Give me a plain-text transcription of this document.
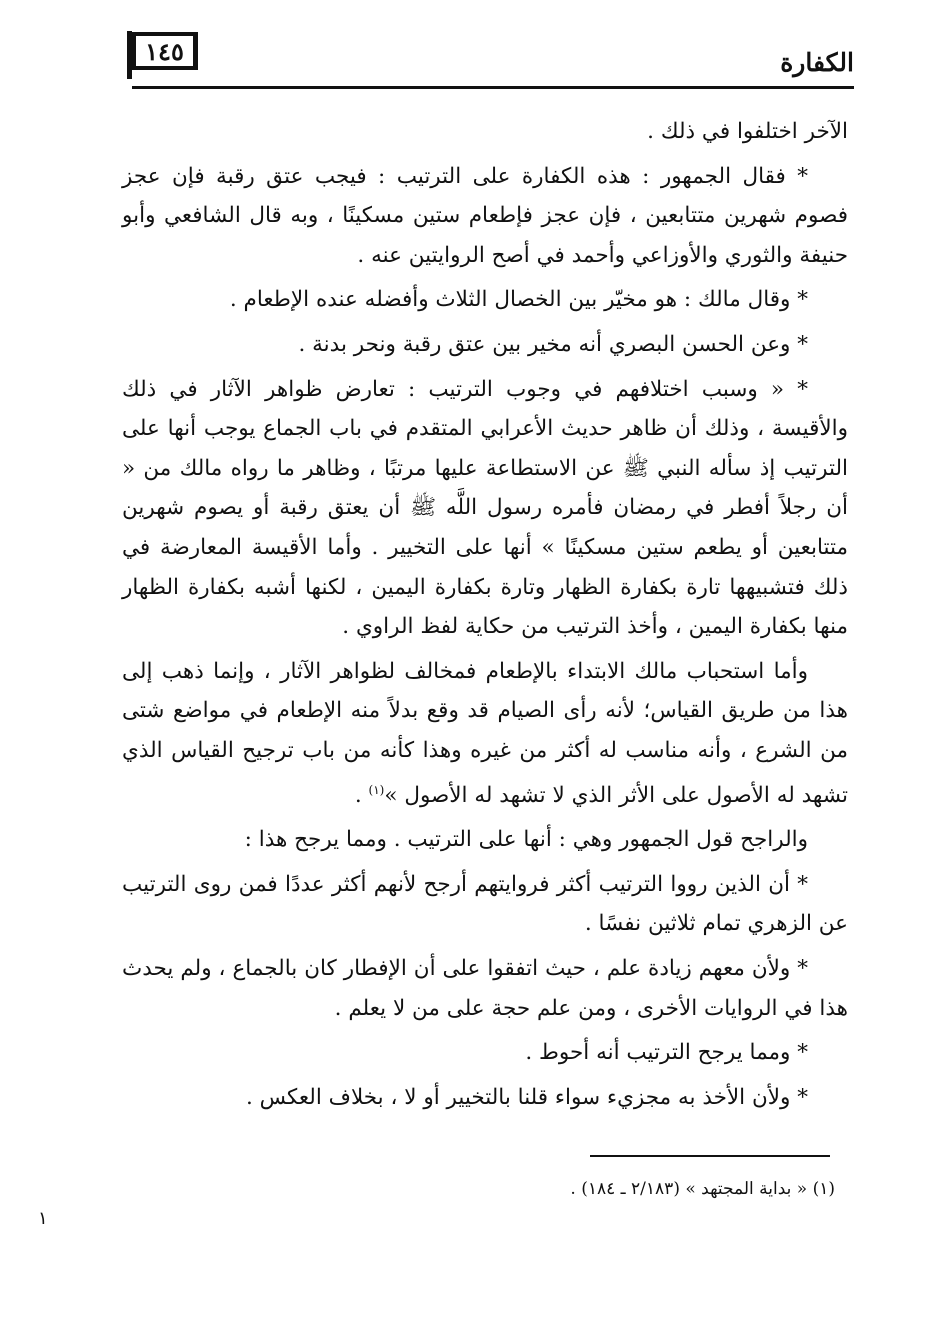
١٤٥	الكفارة

الآخر اختلفوا في ذلك .

* فقال الجمهور : هذه الكفارة على الترتيب : فيجب عتق رقبة فإن عجز فصوم شهرين متتابعين ، فإن عجز فإطعام ستين مسكينًا ، وبه قال الشافعي وأبو حنيفة والثوري والأوزاعي وأحمد في أصح الروايتين عنه .

* وقال مالك : هو مخيّر بين الخصال الثلاث وأفضله عنده الإطعام .

* وعن الحسن البصري أنه مخير بين عتق رقبة ونحر بدنة .

* « وسبب اختلافهم في وجوب الترتيب : تعارض ظواهر الآثار في ذلك والأقيسة ، وذلك أن ظاهر حديث الأعرابي المتقدم في باب الجماع يوجب أنها على الترتيب إذ سأله النبي ﷺ عن الاستطاعة عليها مرتبًا ، وظاهر ما رواه مالك من « أن رجلاً أفطر في رمضان فأمره رسول اللَّه ﷺ أن يعتق رقبة أو يصوم شهرين متتابعين أو يطعم ستين مسكينًا » أنها على التخيير . وأما الأقيسة المعارضة في ذلك فتشبيهها تارة بكفارة الظهار وتارة بكفارة اليمين ، لكنها أشبه بكفارة الظهار منها بكفارة اليمين ، وأخذ الترتيب من حكاية لفظ الراوي .

وأما استحباب مالك الابتداء بالإطعام فمخالف لظواهر الآثار ، وإنما ذهب إلى هذا من طريق القياس؛ لأنه رأى الصيام قد وقع بدلاً منه الإطعام في مواضع شتى من الشرع ، وأنه مناسب له أكثر من غيره وهذا كأنه من باب ترجيح القياس الذي تشهد له الأصول على الأثر الذي لا تشهد له الأصول »$^{(١)}$ .

والراجح قول الجمهور وهي : أنها على الترتيب . ومما يرجح هذا :

* أن الذين رووا الترتيب أكثر فروايتهم أرجح لأنهم أكثر عددًا فمن روى الترتيب عن الزهري تمام ثلاثين نفسًا .

* ولأن معهم زيادة علم ، حيث اتفقوا على أن الإفطار كان بالجماع ، ولم يحدث هذا في الروايات الأخرى ، ومن علم حجة على من لا يعلم .

* ومما يرجح الترتيب أنه أحوط .

* ولأن الأخذ به مجزيء سواء قلنا بالتخيير أو لا ، بخلاف العكس .

(١) « بداية المجتهد » (٢/١٨٣ ـ ١٨٤) .
١
